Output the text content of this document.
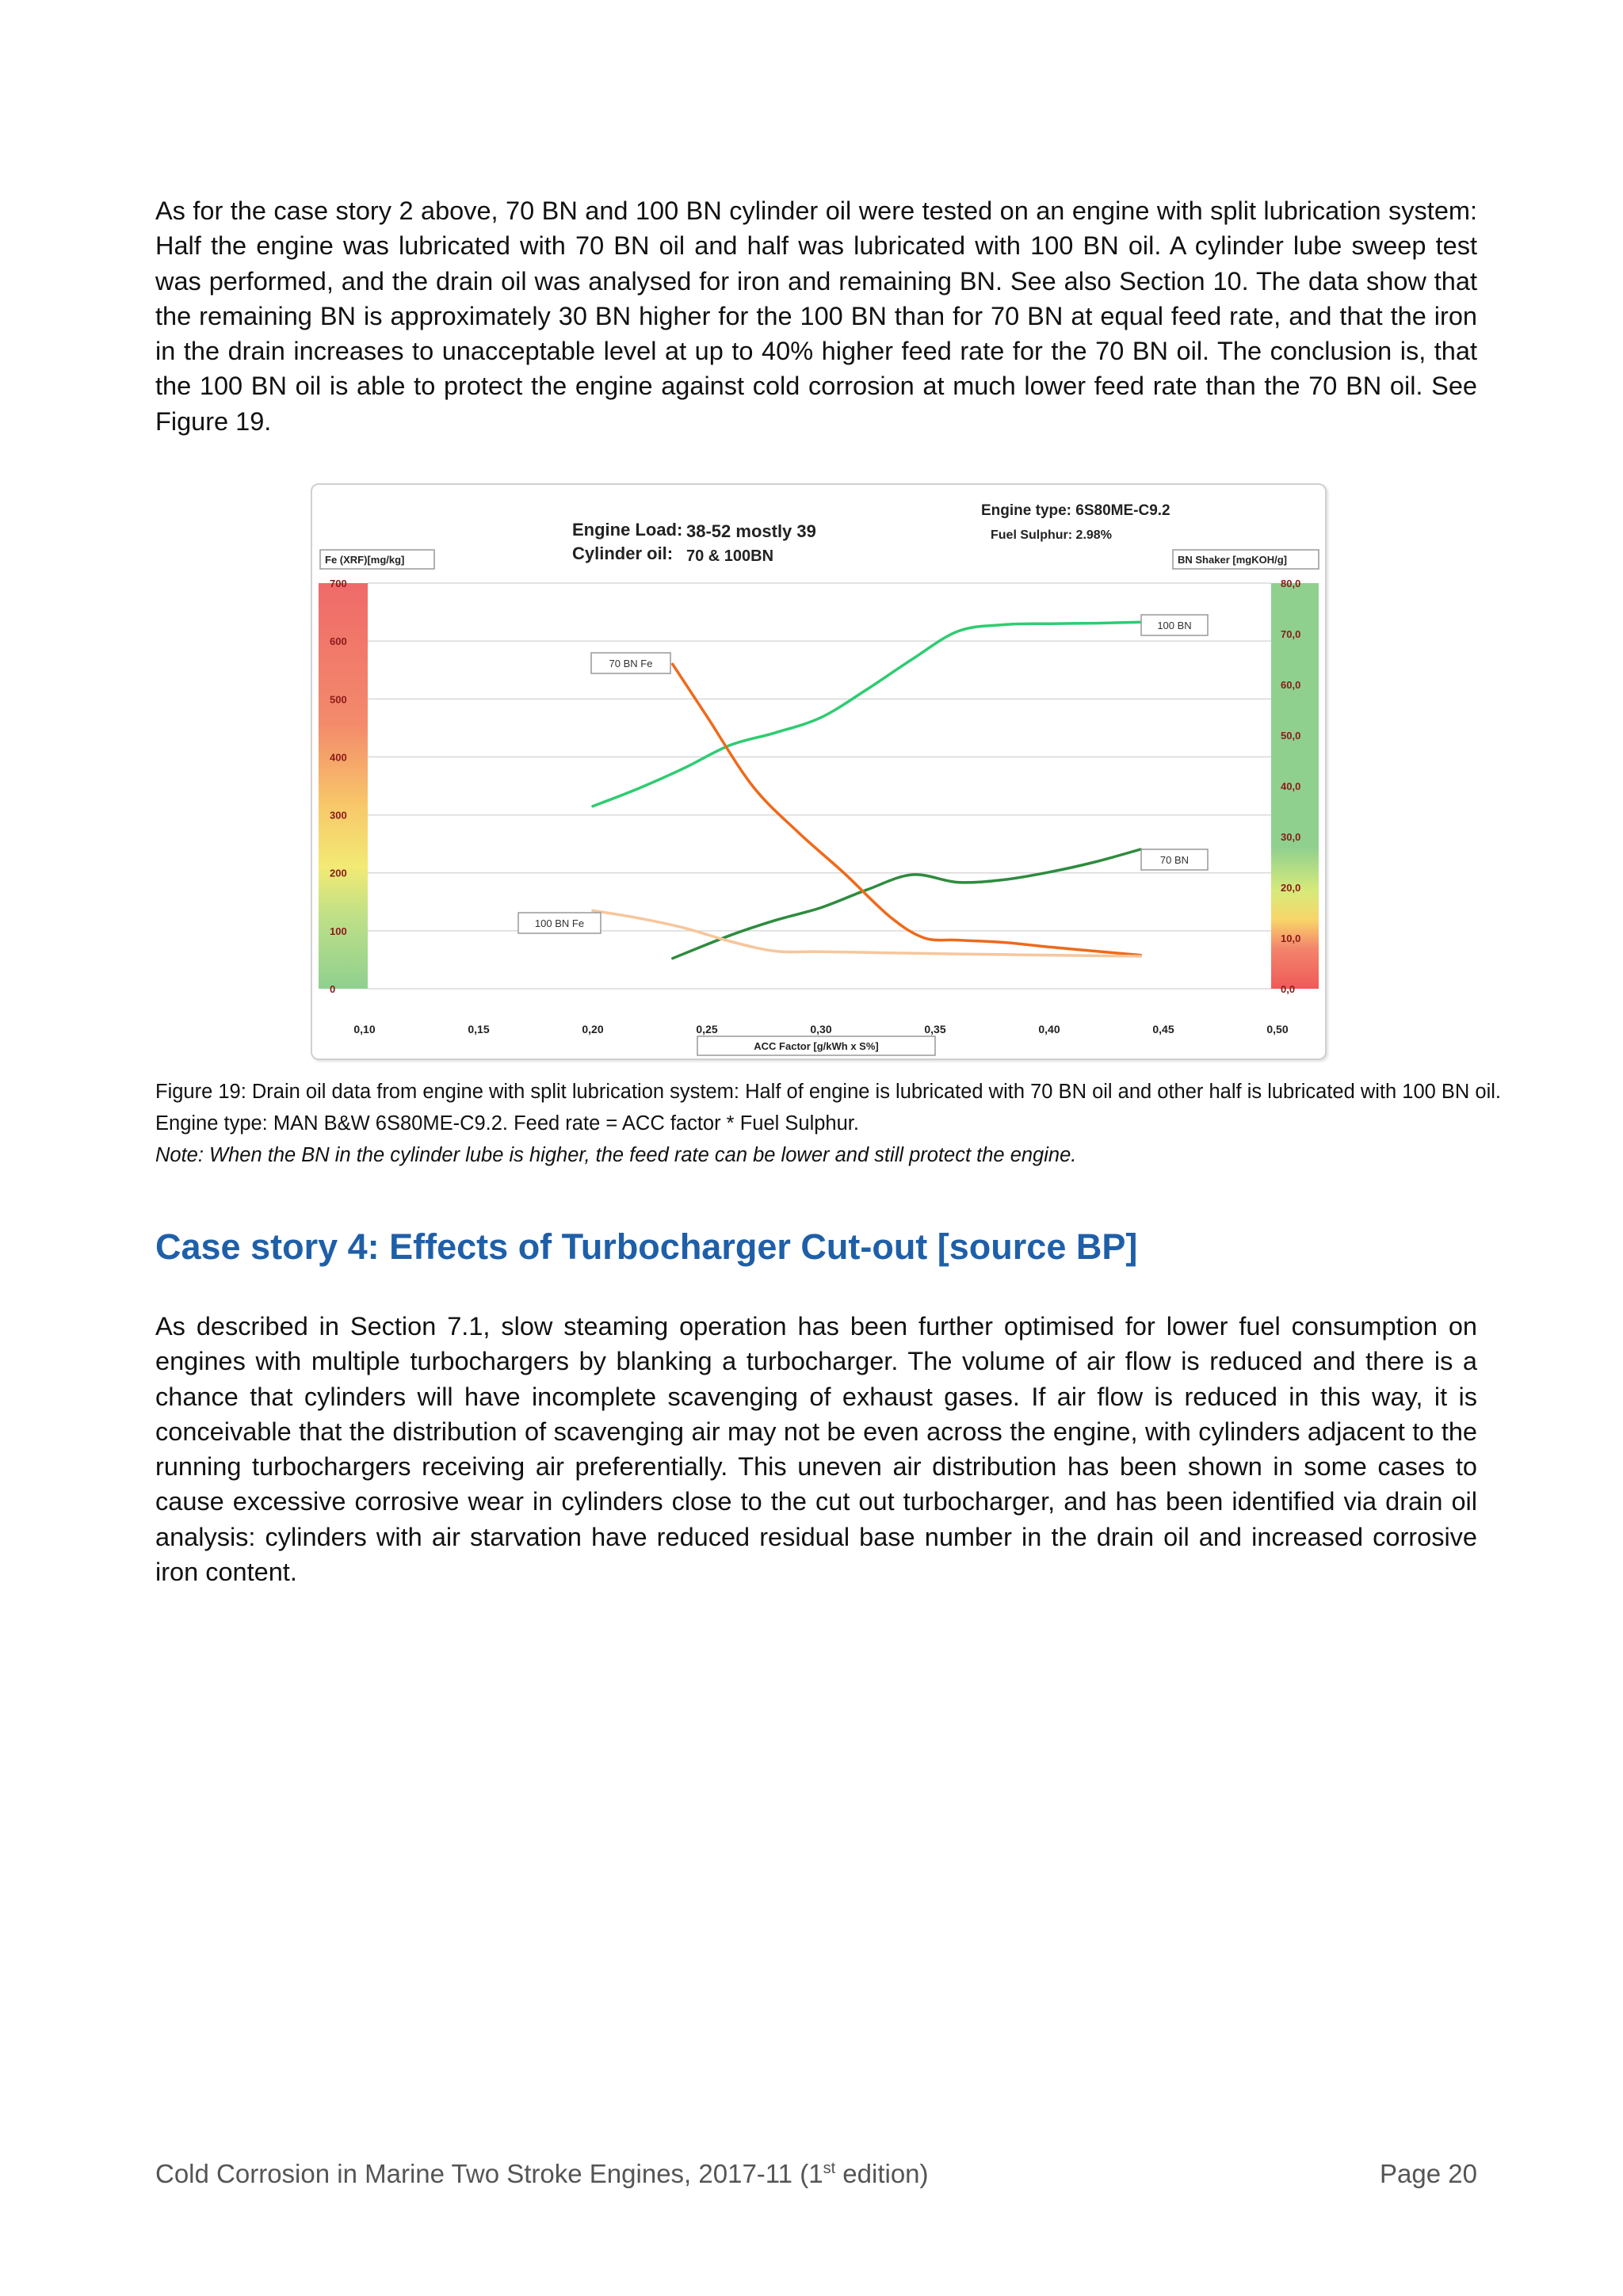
As for the case story 2 above, 70 BN and 100 BN cylinder oil were tested on an engine with split lubrication system: Half the engine was lubricated with 70 BN oil and half was lubricated with 100 BN oil. A cylinder lube sweep test was performed, and the drain oil was analysed for iron and remaining BN. See also Section 10. The data show that the remaining BN is approximately 30 BN higher for the 100 BN than for 70 BN at equal feed rate, and that the iron in the drain increases to unacceptable level at up to 40% higher feed rate for the 70 BN oil. The conclusion is, that the 100 BN oil is able to protect the engine against cold corrosion at much lower feed rate than the 70 BN oil. See Figure 19.

0
100
200
300
400
500
600
700
0,0
10,0
20,0
30,0
40,0
50,0
60,0
70,0
80,0
0,10	0,15	0,20	0,25	0,30	0,35	0,40	0,45	0,50
Engine Load: 38-52 mostly 39
Cylinder oil: 70 & 100BN
Engine type: 6S80ME-C9.2
Fuel Sulphur: 2.98%
Fe (XRF)[mg/kg]	BN Shaker [mgKOH/g]
ACC Factor [g/kWh x S%]
100 BN
70 BN
70 BN Fe
100 BN Fe

Figure 19: Drain oil data from engine with split lubrication system: Half of engine is lubricated with 70 BN oil and other half is lubricated with 100 BN oil. Engine type: MAN B&W 6S80ME-C9.2. Feed rate = ACC factor * Fuel Sulphur.

Note: When the BN in the cylinder lube is higher, the feed rate can be lower and still protect the engine.

Case story 4: Effects of Turbocharger Cut-out [source BP]

As described in Section 7.1, slow steaming operation has been further optimised for lower fuel consumption on engines with multiple turbochargers by blanking a turbocharger. The volume of air flow is reduced and there is a chance that cylinders will have incomplete scavenging of exhaust gases. If air flow is reduced in this way, it is conceivable that the distribution of scavenging air may not be even across the engine, with cylinders adjacent to the running turbochargers receiving air preferentially. This uneven air distribution has been shown in some cases to cause excessive corrosive wear in cylinders close to the cut out turbocharger, and has been identified via drain oil analysis: cylinders with air starvation have reduced residual base number in the drain oil and increased corrosive iron content.

Cold Corrosion in Marine Two Stroke Engines, 2017-11 (1st edition)	Page 20
